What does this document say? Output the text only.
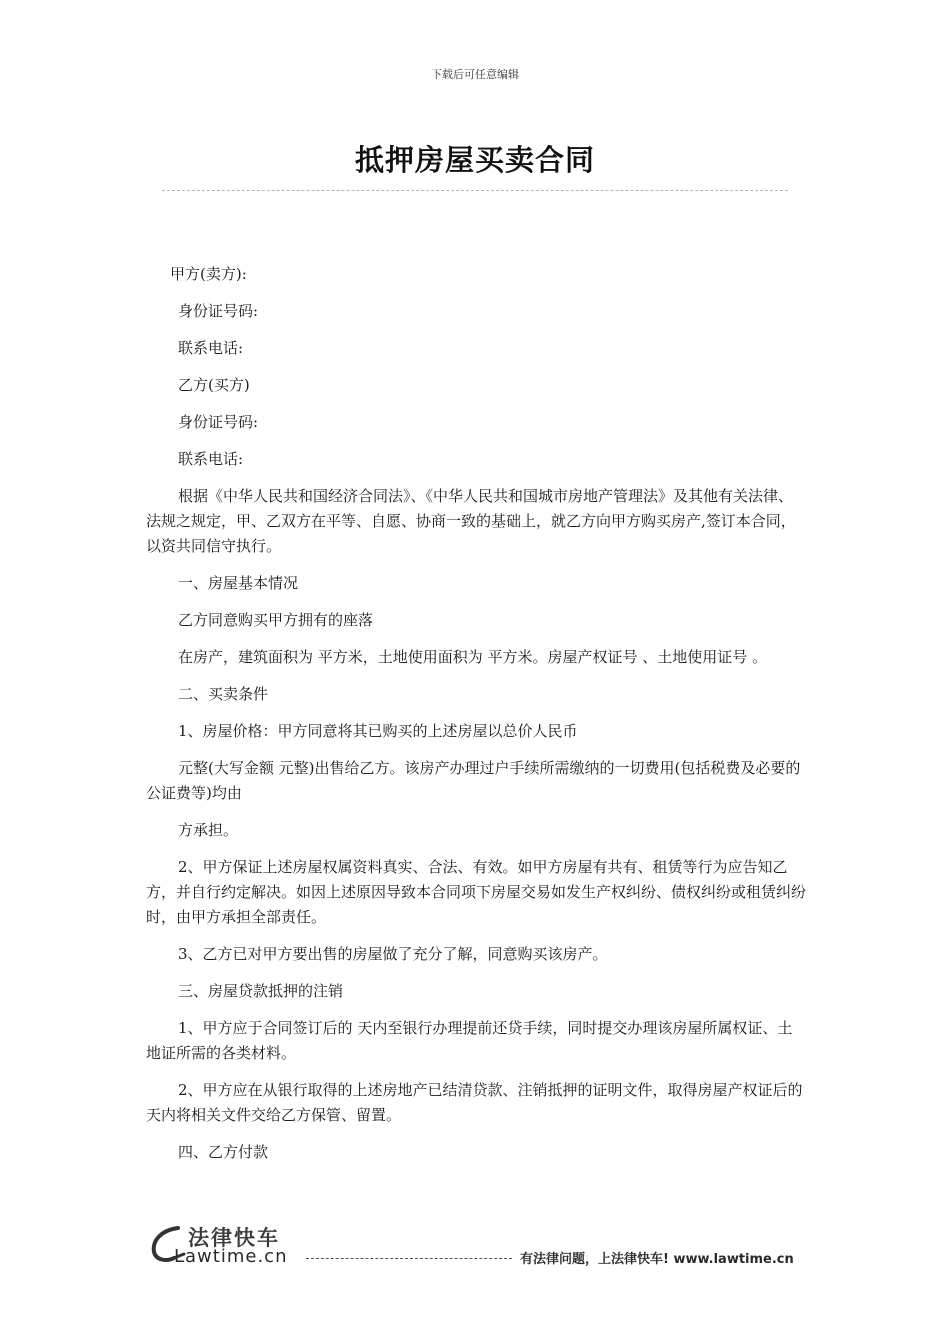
下载后可任意编辑
抵押房屋买卖合同

甲方(卖方):

身份证号码:

联系电话:

乙方(买方)

身份证号码:

联系电话:

根据《中华人民共和国经济合同法》、《中华人民共和国城市房地产管理法》及其他有关法律、法规之规定，甲、乙双方在平等、自愿、协商一致的基础上，就乙方向甲方购买房产,签订本合同，以资共同信守执行。

一、房屋基本情况

乙方同意购买甲方拥有的座落

在房产，建筑面积为 平方米，土地使用面积为 平方米。房屋产权证号 、土地使用证号 。

二、买卖条件

1、房屋价格：甲方同意将其已购买的上述房屋以总价人民币

元整(大写金额 元整)出售给乙方。该房产办理过户手续所需缴纳的一切费用(包括税费及必要的公证费等)均由

方承担。

2、甲方保证上述房屋权属资料真实、合法、有效。如甲方房屋有共有、租赁等行为应告知乙方，并自行约定解决。如因上述原因导致本合同项下房屋交易如发生产权纠纷、债权纠纷或租赁纠纷时，由甲方承担全部责任。

3、乙方已对甲方要出售的房屋做了充分了解，同意购买该房产。

三、房屋贷款抵押的注销

1、甲方应于合同签订后的 天内至银行办理提前还贷手续，同时提交办理该房屋所属权证、土地证所需的各类材料。

2、甲方应在从银行取得的上述房地产已结清贷款、注销抵押的证明文件，取得房屋产权证后的 天内将相关文件交给乙方保管、留置。

四、乙方付款

法律快车
Lawtime.cn	有法律问题，上法律快车! www.lawtime.cn
